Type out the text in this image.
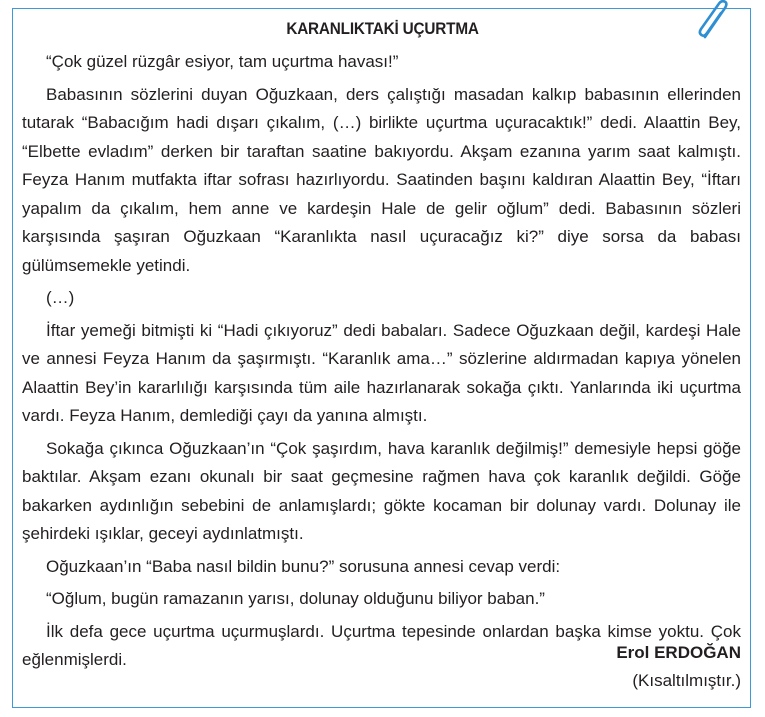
KARANLIKTAKİ UÇURTMA

“Çok güzel rüzgâr esiyor, tam uçurtma havası!”

Babasının sözlerini duyan Oğuzkaan, ders çalıştığı masadan kalkıp babasının ellerinden tutarak “Babacığım hadi dışarı çıkalım, (…) birlikte uçurtma uçuracaktık!” dedi. Alaattin Bey, “Elbette evladım” derken bir taraftan saatine bakıyordu. Akşam ezanına yarım saat kalmıştı. Feyza Hanım mutfakta iftar sofrası hazırlıyordu. Saatinden başını kaldıran Alaattin Bey, “İftarı yapalım da çıkalım, hem anne ve kardeşin Hale de gelir oğlum” dedi. Babasının sözleri karşısında şaşıran Oğuzkaan “Karanlıkta nasıl uçuracağız ki?” diye sorsa da babası gülümsemekle yetindi.

(…)

İftar yemeği bitmişti ki “Hadi çıkıyoruz” dedi babaları. Sadece Oğuzkaan değil, kardeşi Hale ve annesi Feyza Hanım da şaşırmıştı. “Karanlık ama…” sözlerine aldırmadan kapıya yönelen Alaattin Bey’in kararlılığı karşısında tüm aile hazırlanarak sokağa çıktı. Yanlarında iki uçurtma vardı. Feyza Hanım, demlediği çayı da yanına almıştı.

Sokağa çıkınca Oğuzkaan’ın “Çok şaşırdım, hava karanlık değilmiş!” demesiyle hepsi göğe baktılar. Akşam ezanı okunalı bir saat geçmesine rağmen hava çok karanlık değildi. Göğe bakarken aydınlığın sebebini de anlamışlardı; gökte kocaman bir dolunay vardı. Dolunay ile şehirdeki ışıklar, geceyi aydınlatmıştı.

Oğuzkaan’ın “Baba nasıl bildin bunu?” sorusuna annesi cevap verdi:

“Oğlum, bugün ramazanın yarısı, dolunay olduğunu biliyor baban.”

İlk defa gece uçurtma uçurmuşlardı. Uçurtma tepesinde onlardan başka kimse yoktu. Çok eğlenmişlerdi.	Erol ERDOĞAN
(Kısaltılmıştır.)
